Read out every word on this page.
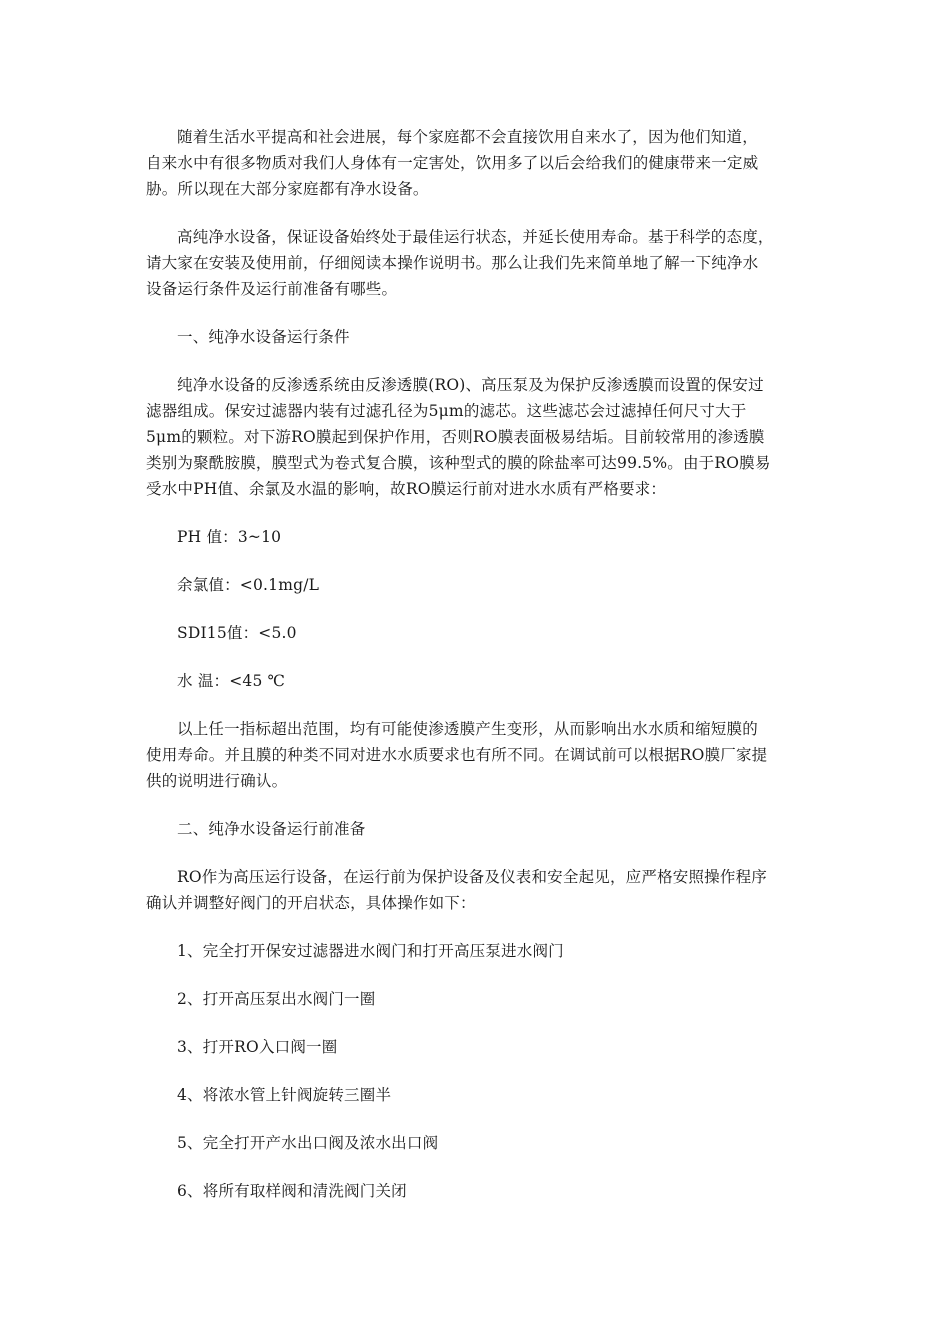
随着生活水平提高和社会进展，每个家庭都不会直接饮用自来水了，因为他们知道，
自来水中有很多物质对我们人身体有一定害处，饮用多了以后会给我们的健康带来一定威
胁。所以现在大部分家庭都有净水设备。

高纯净水设备，保证设备始终处于最佳运行状态，并延长使用寿命。基于科学的态度，
请大家在安装及使用前，仔细阅读本操作说明书。那么让我们先来简单地了解一下纯净水
设备运行条件及运行前准备有哪些。

一、纯净水设备运行条件

纯净水设备的反渗透系统由反渗透膜(RO)、高压泵及为保护反渗透膜而设置的保安过
滤器组成。保安过滤器内装有过滤孔径为5μm的滤芯。这些滤芯会过滤掉任何尺寸大于
5μm的颗粒。对下游RO膜起到保护作用，否则RO膜表面极易结垢。目前较常用的渗透膜
类别为聚酰胺膜，膜型式为卷式复合膜，该种型式的膜的除盐率可达99.5%。由于RO膜易
受水中PH值、余氯及水温的影响，故RO膜运行前对进水水质有严格要求：

PH 值：3~10

余氯值：<0.1mg/L

SDI15值：<5.0

水 温：<45 ℃

以上任一指标超出范围，均有可能使渗透膜产生变形，从而影响出水水质和缩短膜的
使用寿命。并且膜的种类不同对进水水质要求也有所不同。在调试前可以根据RO膜厂家提
供的说明进行确认。

二、纯净水设备运行前准备

RO作为高压运行设备，在运行前为保护设备及仪表和安全起见，应严格安照操作程序
确认并调整好阀门的开启状态，具体操作如下：

1、完全打开保安过滤器进水阀门和打开高压泵进水阀门

2、打开高压泵出水阀门一圈

3、打开RO入口阀一圈

4、将浓水管上针阀旋转三圈半

5、完全打开产水出口阀及浓水出口阀

6、将所有取样阀和清洗阀门关闭
